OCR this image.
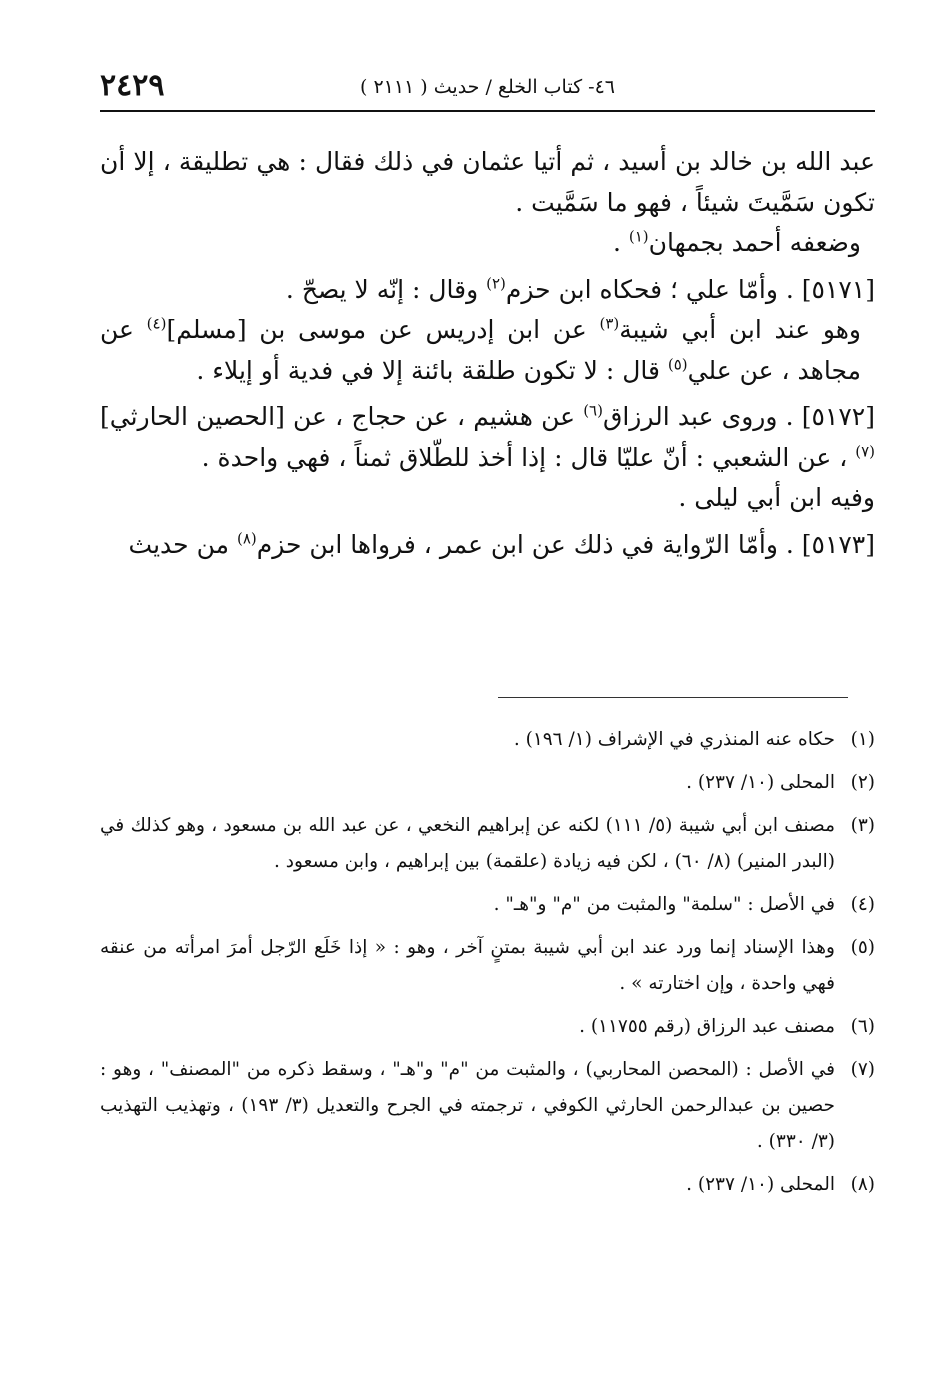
٢٤٢٩	٤٦- كتاب الخلع / حديث ( ٢١١١ )

عبد الله بن خالد بن أسيد ، ثم أتيا عثمان في ذلك فقال : هي تطليقة ، إلا أن تكون سَمَّيتَ شيئاً ، فهو ما سَمَّيت .

وضعفه أحمد بجمهان$^{(١)}$ .

[٥١٧١] . وأمّا علي ؛ فحكاه ابن حزم$^{(٢)}$ وقال : إنّه لا يصحّ .

وهو عند ابن أبي شيبة$^{(٣)}$ عن ابن إدريس عن موسى بن [مسلم]$^{(٤)}$ عن مجاهد ، عن علي$^{(٥)}$ قال : لا تكون طلقة بائنة إلا في فدية أو إيلاء .

[٥١٧٢] . وروى عبد الرزاق$^{(٦)}$ عن هشيم ، عن حجاج ، عن [الحصين الحارثي]$^{(٧)}$ ، عن الشعبي : أنّ عليّا قال : إذا أخذ للطّلاق ثمناً ، فهي واحدة .

وفيه ابن أبي ليلى .

[٥١٧٣] . وأمّا الرّواية في ذلك عن ابن عمر ، فرواها ابن حزم$^{(٨)}$ من حديث

(١)
حكاه عنه المنذري في الإشراف (١/ ١٩٦) .
(٢)
المحلى (١٠/ ٢٣٧) .
(٣)
مصنف ابن أبي شيبة (٥/ ١١١) لكنه عن إبراهيم النخعي ، عن عبد الله بن مسعود ، وهو كذلك في (البدر المنير) (٨/ ٦٠) ، لكن فيه زيادة (علقمة) بين إبراهيم ، وابن مسعود .
(٤)
في الأصل : "سلمة" والمثبت من "م" و"هـ" .
(٥)
وهذا الإسناد إنما ورد عند ابن أبي شيبة بمتنٍ آخر ، وهو : « إذا خَلَع الرّجل أمرَ امرأته من عنقه فهي واحدة ، وإن اختارته » .
(٦)
مصنف عبد الرزاق (رقم ١١٧٥٥) .
(٧)
في الأصل : (المحصن المحاربي) ، والمثبت من "م" و"هـ" ، وسقط ذكره من "المصنف" ، وهو : حصين بن عبدالرحمن الحارثي الكوفي ، ترجمته في الجرح والتعديل (٣/ ١٩٣) ، وتهذيب التهذيب (٣/ ٣٣٠) .
(٨)
المحلى (١٠/ ٢٣٧) .
